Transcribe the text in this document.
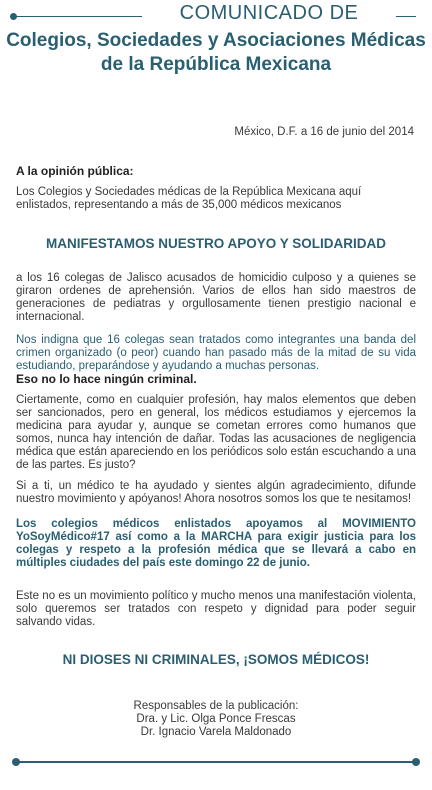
COMUNICADO DE
Colegios, Sociedades y Asociaciones Médicas
de la República Mexicana
México, D.F. a 16 de junio del 2014
A la opinión pública:
Los Colegios y Sociedades médicas de la República Mexicana aquí enlistados, representando a más de 35,000 médicos mexicanos
MANIFESTAMOS NUESTRO APOYO Y SOLIDARIDAD
a los 16 colegas de Jalisco acusados de homicidio culposo y a quienes se giraron ordenes de aprehensión. Varios de ellos han sido maestros de generaciones de pediatras y orgullosamente tienen prestigio nacional e internacional.
Nos indigna que 16 colegas sean tratados como integrantes una banda del crimen organizado (o peor) cuando han pasado más de la mitad de su vida estudiando, preparándose y ayudando a muchas personas.
Eso no lo hace ningún criminal.
Ciertamente, como en cualquier profesión, hay malos elementos que deben ser sancionados, pero en general, los médicos estudiamos y ejercemos la medicina para ayudar y, aunque se cometan errores como humanos que somos, nunca hay intención de dañar. Todas las acusaciones de negligencia médica que están apareciendo en los periódicos solo están escuchando a una de las partes. Es justo?
Si a ti, un médico te ha ayudado y sientes algún agradecimiento, difunde nuestro movimiento y apóyanos! Ahora nosotros somos los que te nesitamos!
Los colegios médicos enlistados apoyamos al MOVIMIENTO YoSoyMédico#17 así como a la MARCHA para exigir justicia para los colegas y respeto a la profesión médica que se llevará a cabo en múltiples ciudades del país este domingo 22 de junio.
Este no es un movimiento político y mucho menos una manifestación violenta, solo queremos ser tratados con respeto y dignidad para poder seguir salvando vidas.
NI DIOSES NI CRIMINALES, ¡SOMOS MÉDICOS!
Responsables de la publicación:
Dra. y Lic. Olga Ponce Frescas
Dr. Ignacio Varela Maldonado
